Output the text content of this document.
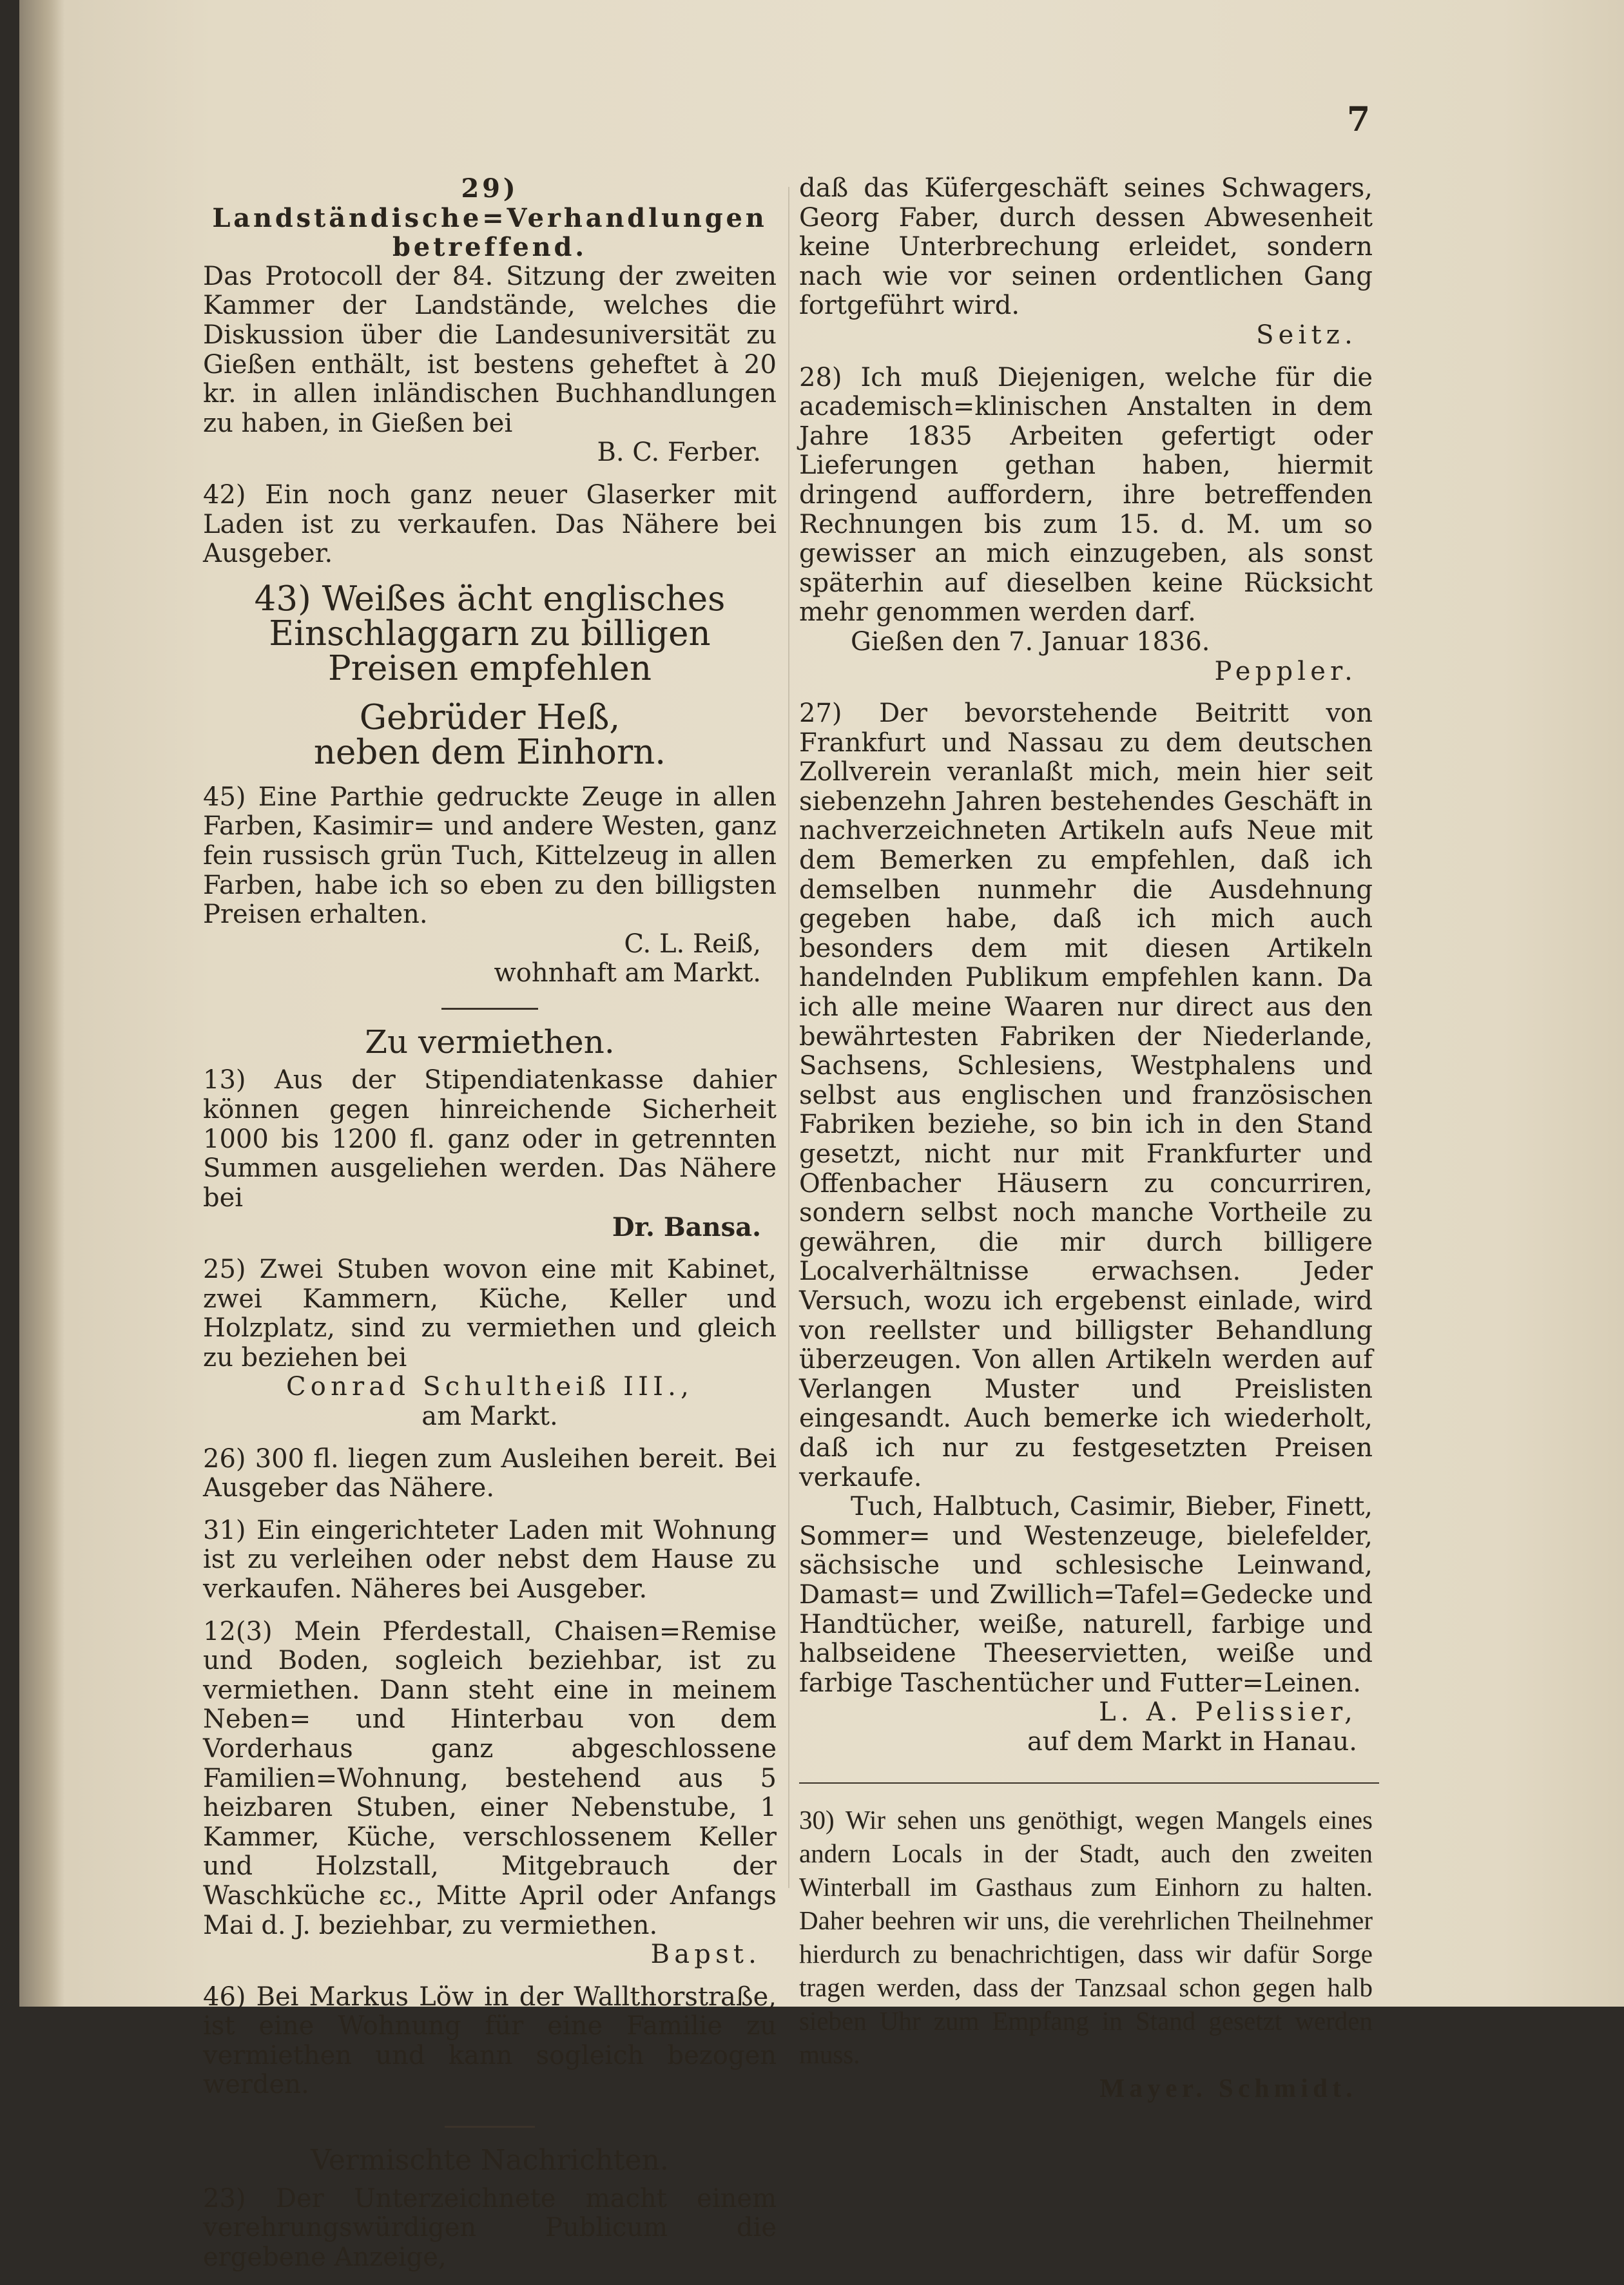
7
29) Landständische=Verhandlungen betreffend.

Das Protocoll der 84. Sitzung der zweiten Kammer der Landstände, welches die Diskussion über die Landesuniversität zu Gießen enthält, ist bestens geheftet à 20 kr. in allen inländischen Buchhandlungen zu haben, in Gießen bei

B. C. Ferber.

42) Ein noch ganz neuer Glaserker mit Laden ist zu verkaufen. Das Nähere bei Ausgeber.

43) Weißes ächt englisches Einschlaggarn zu billigen Preisen empfehlen

Gebrüder Heß,
neben dem Einhorn.

45) Eine Parthie gedruckte Zeuge in allen Farben, Kasimir= und andere Westen, ganz fein russisch grün Tuch, Kittelzeug in allen Farben, habe ich so eben zu den billigsten Preisen erhalten.

C. L. Reiß,
wohnhaft am Markt.
Zu vermiethen.

13) Aus der Stipendiatenkasse dahier können gegen hinreichende Sicherheit 1000 bis 1200 fl. ganz oder in getrennten Summen ausgeliehen werden. Das Nähere bei

Dr. Bansa.

25) Zwei Stuben wovon eine mit Kabinet, zwei Kammern, Küche, Keller und Holzplatz, sind zu vermiethen und gleich zu beziehen bei

Conrad Schultheiß III.,
am Markt.

26) 300 fl. liegen zum Ausleihen bereit. Bei Ausgeber das Nähere.

31) Ein eingerichteter Laden mit Wohnung ist zu verleihen oder nebst dem Hause zu verkaufen. Näheres bei Ausgeber.

12(3) Mein Pferdestall, Chaisen=Remise und Boden, sogleich beziehbar, ist zu vermiethen. Dann steht eine in meinem Neben= und Hinterbau von dem Vorderhaus ganz abgeschlossene Familien=Wohnung, bestehend aus 5 heizbaren Stuben, einer Nebenstube, 1 Kammer, Küche, verschlossenem Keller und Holzstall, Mitgebrauch der Waschküche ɛc., Mitte April oder Anfangs Mai d. J. beziehbar, zu vermiethen.

Bapst.

46) Bei Markus Löw in der Wallthorstraße, ist eine Wohnung für eine Familie zu vermiethen und kann sogleich bezogen werden.

Vermischte Nachrichten.

23) Der Unterzeichnete macht einem verehrungswürdigen Publicum die ergebene Anzeige,

daß das Küfergeschäft seines Schwagers, Georg Faber, durch dessen Abwesenheit keine Unterbrechung erleidet, sondern nach wie vor seinen ordentlichen Gang fortgeführt wird.

Seitz.

28) Ich muß Diejenigen, welche für die academisch=klinischen Anstalten in dem Jahre 1835 Arbeiten gefertigt oder Lieferungen gethan haben, hiermit dringend auffordern, ihre betreffenden Rechnungen bis zum 15. d. M. um so gewisser an mich einzugeben, als sonst späterhin auf dieselben keine Rücksicht mehr genommen werden darf.

Gießen den 7. Januar 1836.
Peppler.

27) Der bevorstehende Beitritt von Frankfurt und Nassau zu dem deutschen Zollverein veranlaßt mich, mein hier seit siebenzehn Jahren bestehendes Geschäft in nachverzeichneten Artikeln aufs Neue mit dem Bemerken zu empfehlen, daß ich demselben nunmehr die Ausdehnung gegeben habe, daß ich mich auch besonders dem mit diesen Artikeln handelnden Publikum empfehlen kann. Da ich alle meine Waaren nur direct aus den bewährtesten Fabriken der Niederlande, Sachsens, Schlesiens, Westphalens und selbst aus englischen und französischen Fabriken beziehe, so bin ich in den Stand gesetzt, nicht nur mit Frankfurter und Offenbacher Häusern zu concurriren, sondern selbst noch manche Vortheile zu gewähren, die mir durch billigere Localverhältnisse erwachsen. Jeder Versuch, wozu ich ergebenst einlade, wird von reellster und billigster Behandlung überzeugen. Von allen Artikeln werden auf Verlangen Muster und Preislisten eingesandt. Auch bemerke ich wiederholt, daß ich nur zu festgesetzten Preisen verkaufe.

Tuch, Halbtuch, Casimir, Bieber, Finett, Sommer= und Westenzeuge, bielefelder, sächsische und schlesische Leinwand, Damast= und Zwillich=Tafel=Gedecke und Handtücher, weiße, naturell, farbige und halbseidene Theeservietten, weiße und farbige Taschentücher und Futter=Leinen.

L. A. Pelissier,
auf dem Markt in Hanau.

30) Wir sehen uns genöthigt, wegen Mangels eines andern Locals in der Stadt, auch den zweiten Winterball im Gasthaus zum Einhorn zu halten. Daher beehren wir uns, die verehrlichen Theilnehmer hierdurch zu benachrichtigen, dass wir dafür Sorge tragen werden, dass der Tanzsaal schon gegen halb sieben Uhr zum Empfang in Stand gesetzt werden muss.

Mayer. Schmidt.
